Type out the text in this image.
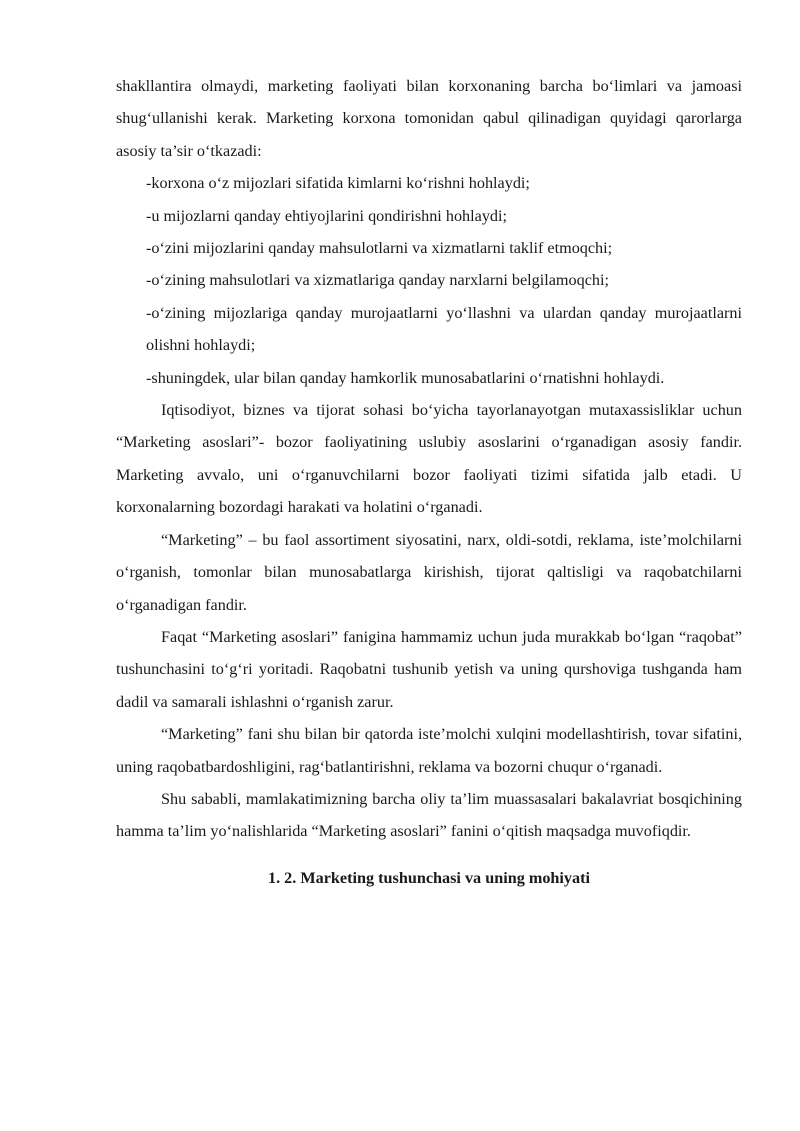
shakllantira olmaydi, marketing faoliyati bilan korxonaning barcha bo‘limlari va jamoasi shug‘ullanishi kerak. Marketing korxona tomonidan qabul qilinadigan quyidagi qarorlarga asosiy ta’sir o‘tkazadi:

-korxona o‘z mijozlari sifatida kimlarni ko‘rishni hohlaydi;

-u mijozlarni qanday ehtiyojlarini qondirishni hohlaydi;

-o‘zini mijozlarini qanday mahsulotlarni va xizmatlarni taklif etmoqchi;

-o‘zining mahsulotlari va xizmatlariga qanday narxlarni belgilamoqchi;

-o‘zining mijozlariga qanday murojaatlarni yo‘llashni va ulardan qanday murojaatlarni olishni hohlaydi;

-shuningdek, ular bilan qanday hamkorlik munosabatlarini o‘rnatishni hohlaydi.

Iqtisodiyot, biznes va tijorat sohasi bo‘yicha tayorlanayotgan mutaxassisliklar uchun “Marketing asoslari”- bozor faoliyatining uslubiy asoslarini o‘rganadigan asosiy fandir. Marketing avvalo, uni o‘rganuvchilarni bozor faoliyati tizimi sifatida jalb etadi. U korxonalarning bozordagi harakati va holatini o‘rganadi.

“Marketing” – bu faol assortiment siyosatini, narx, oldi-sotdi, reklama, iste’molchilarni o‘rganish, tomonlar bilan munosabatlarga kirishish, tijorat qaltisligi va raqobatchilarni o‘rganadigan fandir.

Faqat “Marketing asoslari” fanigina hammamiz uchun juda murakkab bo‘lgan “raqobat” tushunchasini to‘g‘ri yoritadi. Raqobatni tushunib yetish va uning qurshoviga tushganda ham dadil va samarali ishlashni o‘rganish zarur.

“Marketing” fani shu bilan bir qatorda iste’molchi xulqini modellashtirish, tovar sifatini, uning raqobatbardoshligini, rag‘batlantirishni, reklama va bozorni chuqur o‘rganadi.

Shu sababli, mamlakatimizning barcha oliy ta’lim muassasalari bakalavriat bosqichining hamma ta’lim yo‘nalishlarida “Marketing asoslari” fanini o‘qitish maqsadga muvofiqdir.

1. 2. Marketing tushunchasi va uning mohiyati
